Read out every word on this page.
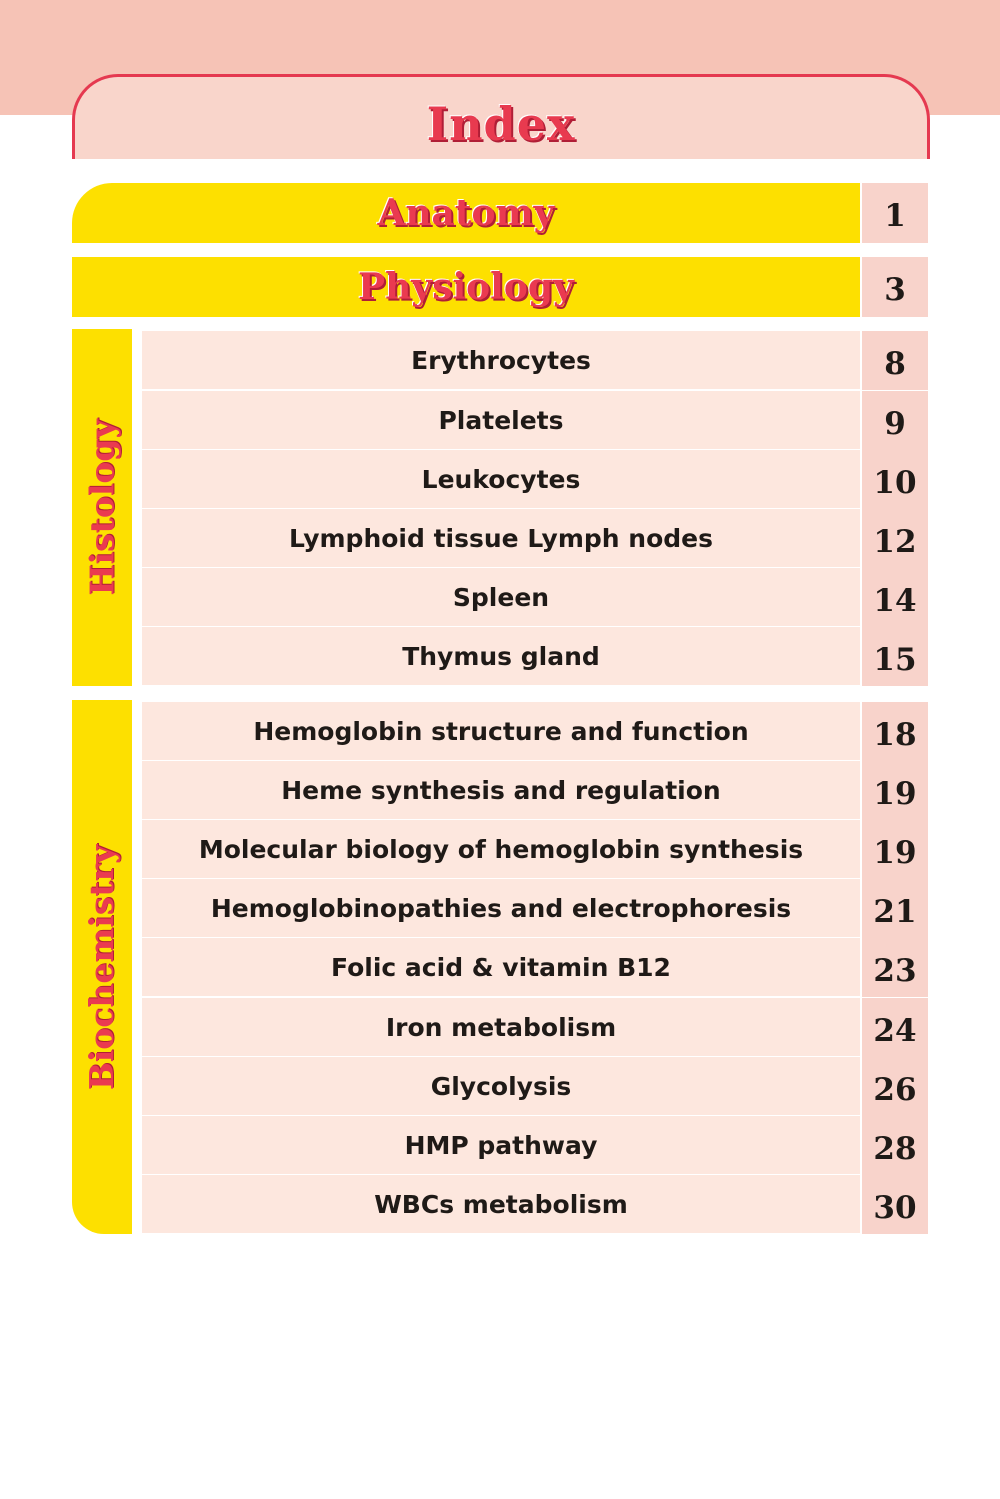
Index
Anatomy	1
Physiology	3
Histology
Erythrocytes	8
Platelets	9
Leukocytes	10
Lymphoid tissue Lymph nodes	12
Spleen	14
Thymus gland	15
Biochemistry
Hemoglobin structure and function	18
Heme synthesis and regulation	19
Molecular biology of hemoglobin synthesis	19
Hemoglobinopathies and electrophoresis	21
Folic acid & vitamin B12	23
Iron metabolism	24
Glycolysis	26
HMP pathway	28
WBCs metabolism	30
